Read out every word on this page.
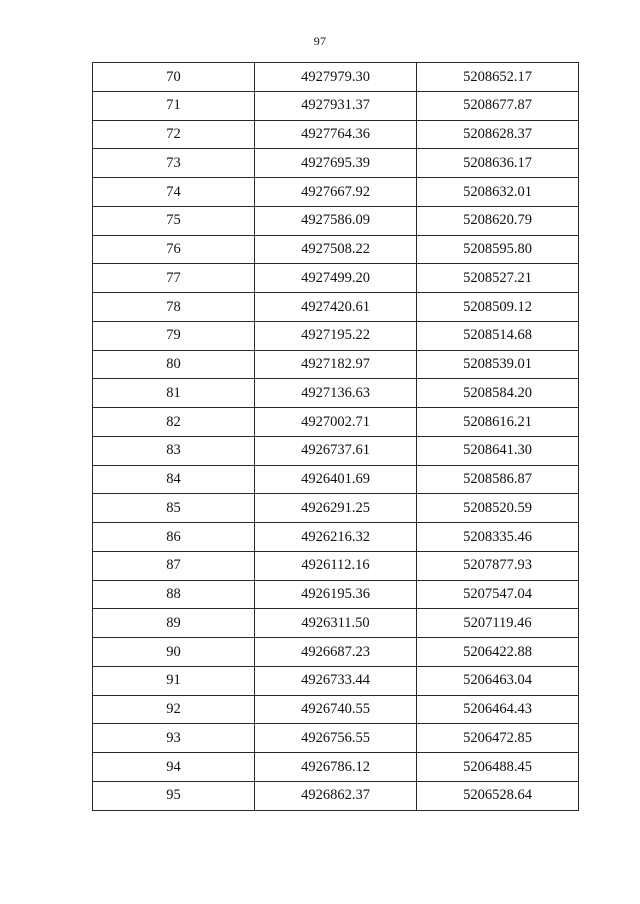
97
70	4927979.30	5208652.17
71	4927931.37	5208677.87
72	4927764.36	5208628.37
73	4927695.39	5208636.17
74	4927667.92	5208632.01
75	4927586.09	5208620.79
76	4927508.22	5208595.80
77	4927499.20	5208527.21
78	4927420.61	5208509.12
79	4927195.22	5208514.68
80	4927182.97	5208539.01
81	4927136.63	5208584.20
82	4927002.71	5208616.21
83	4926737.61	5208641.30
84	4926401.69	5208586.87
85	4926291.25	5208520.59
86	4926216.32	5208335.46
87	4926112.16	5207877.93
88	4926195.36	5207547.04
89	4926311.50	5207119.46
90	4926687.23	5206422.88
91	4926733.44	5206463.04
92	4926740.55	5206464.43
93	4926756.55	5206472.85
94	4926786.12	5206488.45
95	4926862.37	5206528.64
